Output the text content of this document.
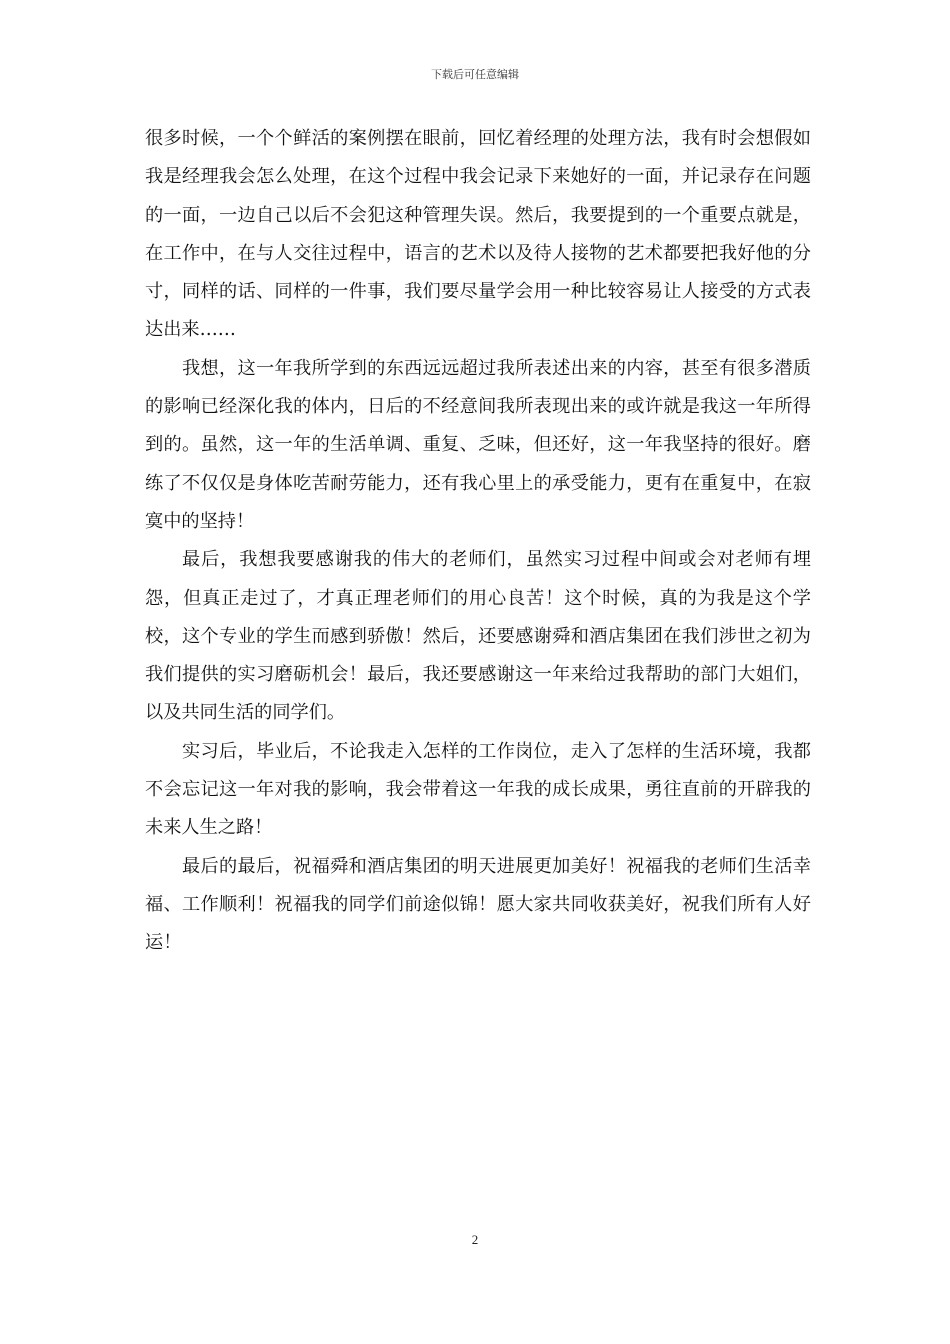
下载后可任意编辑

很多时候，一个个鲜活的案例摆在眼前，回忆着经理的处理方法，我有时会想假如我是经理我会怎么处理，在这个过程中我会记录下来她好的一面，并记录存在问题的一面，一边自己以后不会犯这种管理失误。然后，我要提到的一个重要点就是，在工作中，在与人交往过程中，语言的艺术以及待人接物的艺术都要把我好他的分寸，同样的话、同样的一件事，我们要尽量学会用一种比较容易让人接受的方式表达出来……

我想，这一年我所学到的东西远远超过我所表述出来的内容，甚至有很多潜质的影响已经深化我的体内，日后的不经意间我所表现出来的或许就是我这一年所得到的。虽然，这一年的生活单调、重复、乏味，但还好，这一年我坚持的很好。磨练了不仅仅是身体吃苦耐劳能力，还有我心里上的承受能力，更有在重复中，在寂寞中的坚持！

最后，我想我要感谢我的伟大的老师们，虽然实习过程中间或会对老师有埋怨，但真正走过了，才真正理老师们的用心良苦！这个时候，真的为我是这个学校，这个专业的学生而感到骄傲！然后，还要感谢舜和酒店集团在我们涉世之初为我们提供的实习磨砺机会！最后，我还要感谢这一年来给过我帮助的部门大姐们，以及共同生活的同学们。

实习后，毕业后，不论我走入怎样的工作岗位，走入了怎样的生活环境，我都不会忘记这一年对我的影响，我会带着这一年我的成长成果，勇往直前的开辟我的未来人生之路！

最后的最后，祝福舜和酒店集团的明天进展更加美好！祝福我的老师们生活幸福、工作顺利！祝福我的同学们前途似锦！愿大家共同收获美好，祝我们所有人好运！

2
